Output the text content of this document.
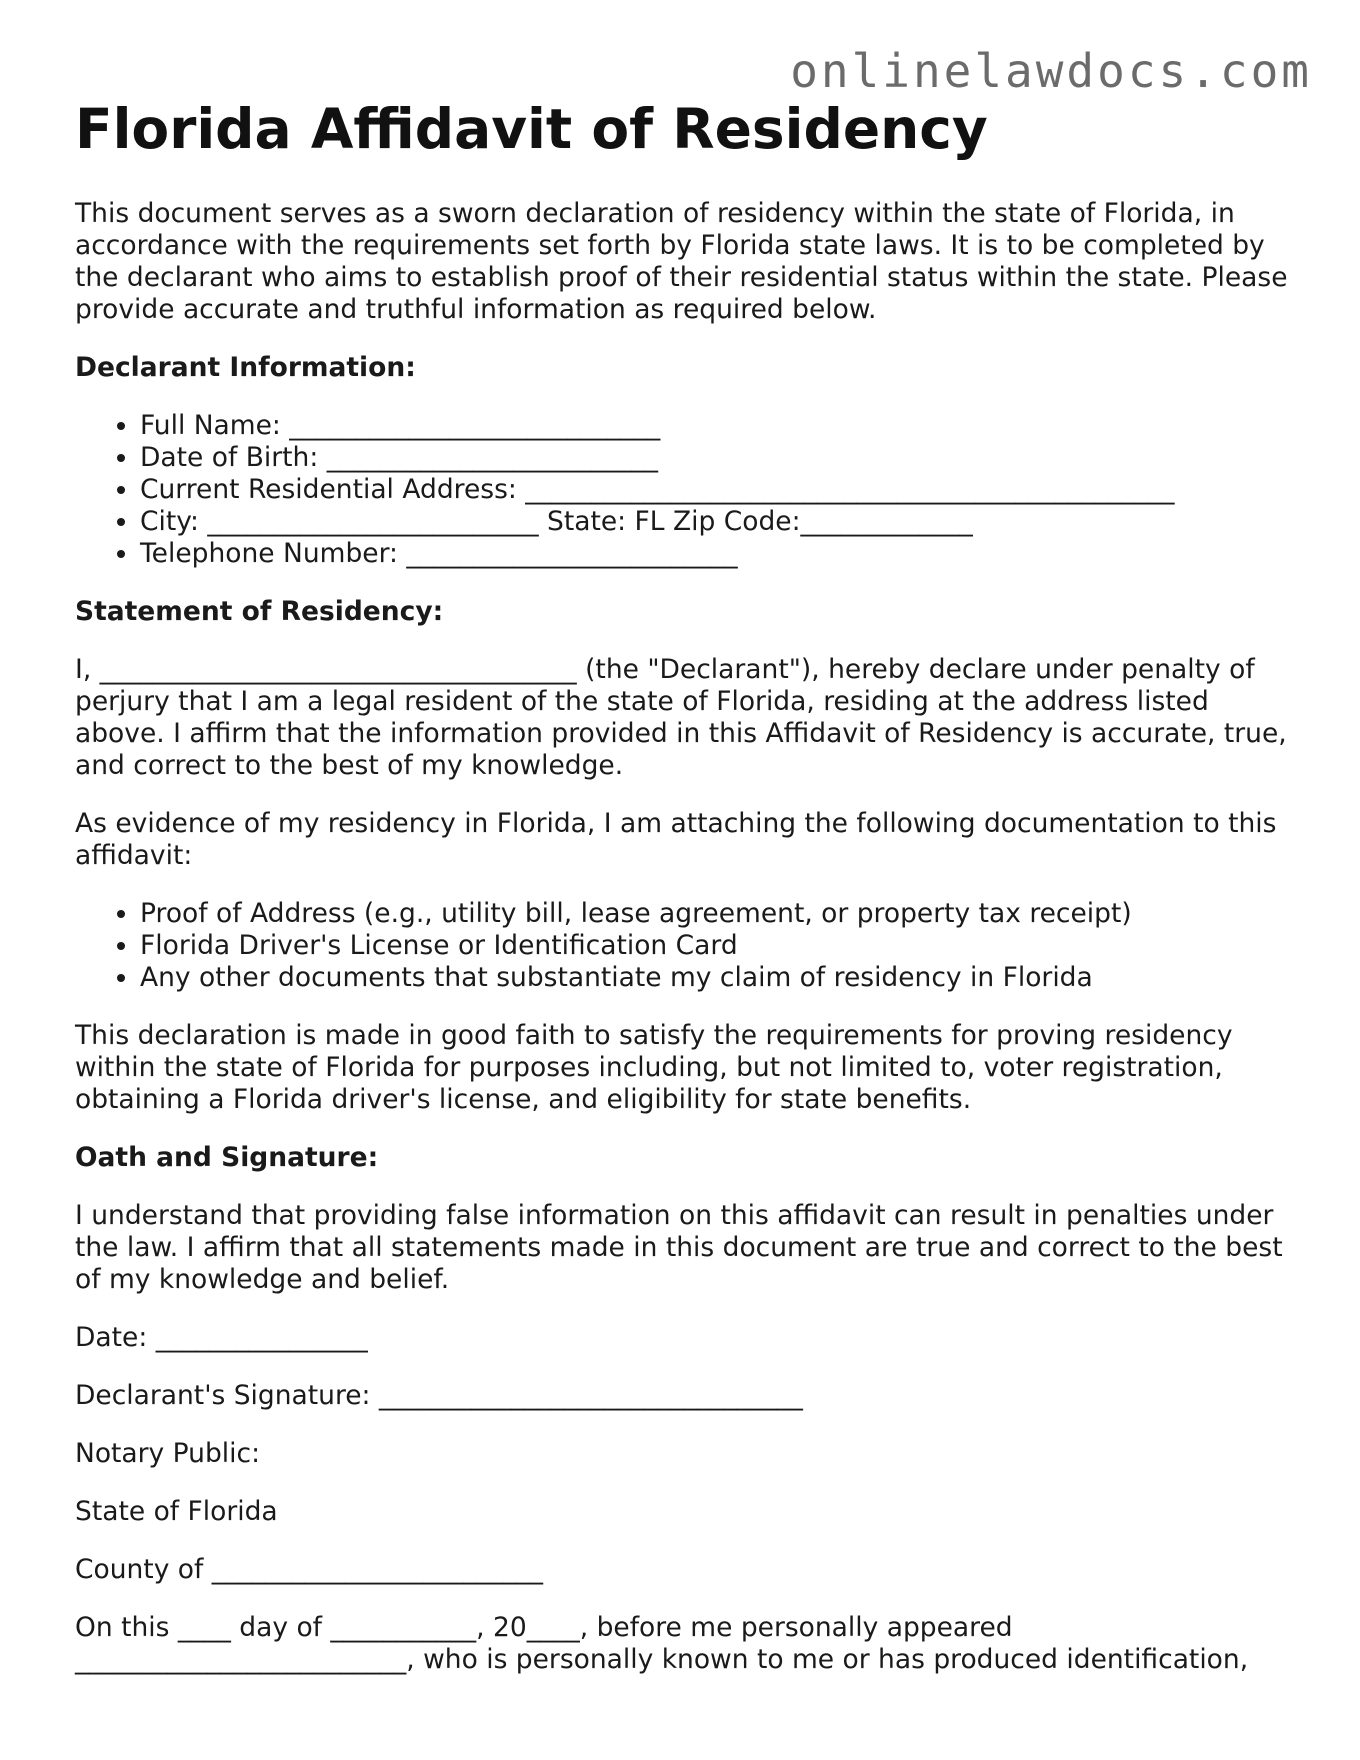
onlinelawdocs.com
Florida Affidavit of Residency

This document serves as a sworn declaration of residency within the state of Florida, in accordance with the requirements set forth by Florida state laws. It is to be completed by the declarant who aims to establish proof of their residential status within the state. Please provide accurate and truthful information as required below.

Declarant Information:
• Full Name: ____________________________
• Date of Birth: _________________________
• Current Residential Address: _________________________________________________
• City: _________________________ State: FL Zip Code:_____________
• Telephone Number: _________________________
Statement of Residency:

I, ____________________________________ (the "Declarant"), hereby declare under penalty of perjury that I am a legal resident of the state of Florida, residing at the address listed above. I affirm that the information provided in this Affidavit of Residency is accurate, true, and correct to the best of my knowledge.

As evidence of my residency in Florida, I am attaching the following documentation to this affidavit:

• Proof of Address (e.g., utility bill, lease agreement, or property tax receipt)
• Florida Driver's License or Identification Card
• Any other documents that substantiate my claim of residency in Florida

This declaration is made in good faith to satisfy the requirements for proving residency within the state of Florida for purposes including, but not limited to, voter registration, obtaining a Florida driver's license, and eligibility for state benefits.

Oath and Signature:

I understand that providing false information on this affidavit can result in penalties under the law. I affirm that all statements made in this document are true and correct to the best of my knowledge and belief.

Date: ________________

Declarant's Signature: ________________________________

Notary Public:

State of Florida

County of _________________________

On this ____ day of ___________, 20____, before me personally appeared _________________________, who is personally known to me or has produced identification,
